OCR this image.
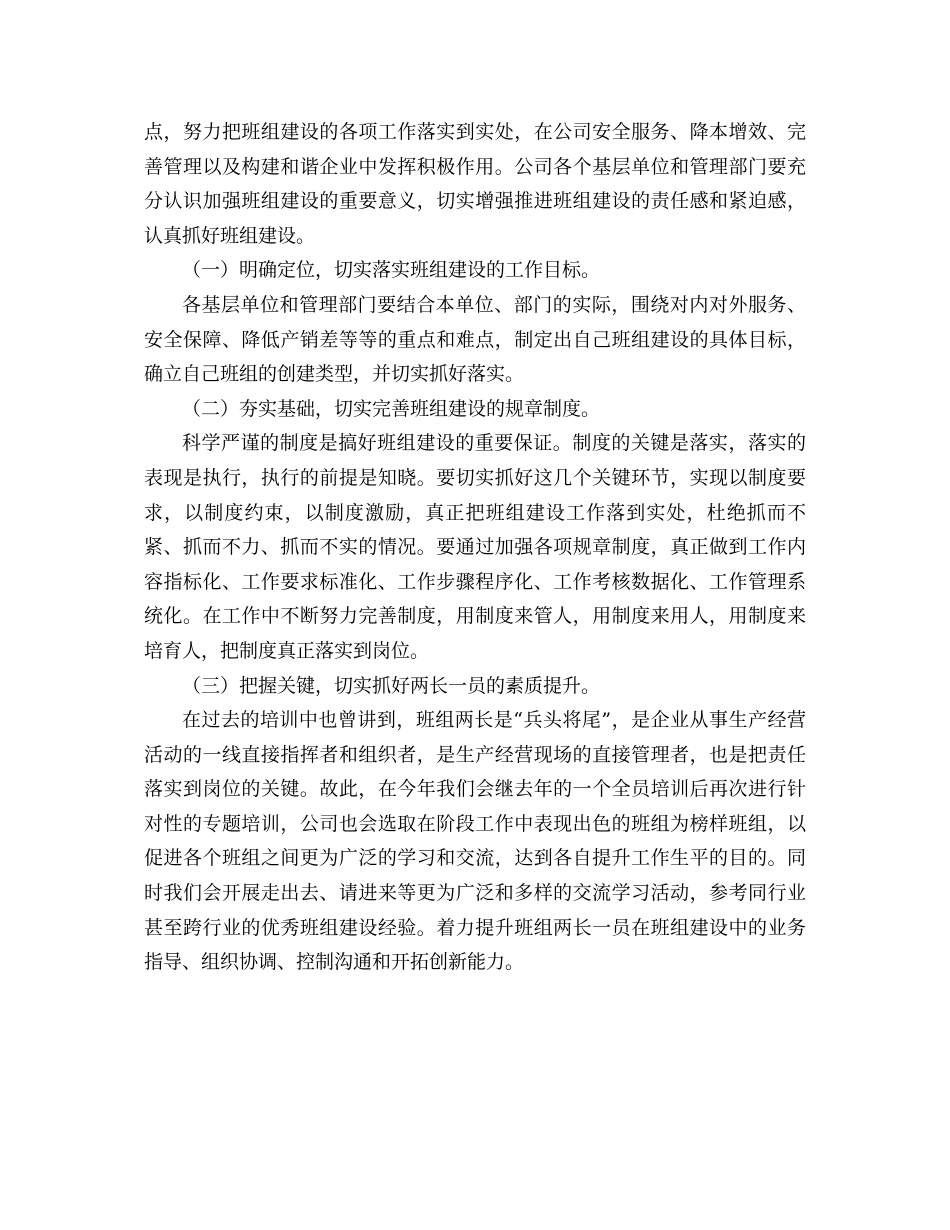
点，努力把班组建设的各项工作落实到实处，在公司安全服务、降本增效、完善管理以及构建和谐企业中发挥积极作用。公司各个基层单位和管理部门要充分认识加强班组建设的重要意义，切实增强推进班组建设的责任感和紧迫感，认真抓好班组建设。

（一）明确定位，切实落实班组建设的工作目标。

各基层单位和管理部门要结合本单位、部门的实际，围绕对内对外服务、安全保障、降低产销差等等的重点和难点，制定出自己班组建设的具体目标，确立自己班组的创建类型，并切实抓好落实。

（二）夯实基础，切实完善班组建设的规章制度。

科学严谨的制度是搞好班组建设的重要保证。制度的关键是落实，落实的表现是执行，执行的前提是知晓。要切实抓好这几个关键环节，实现以制度要求，以制度约束，以制度激励，真正把班组建设工作落到实处，杜绝抓而不紧、抓而不力、抓而不实的情况。要通过加强各项规章制度，真正做到工作内容指标化、工作要求标准化、工作步骤程序化、工作考核数据化、工作管理系统化。在工作中不断努力完善制度，用制度来管人，用制度来用人，用制度来培育人，把制度真正落实到岗位。

（三）把握关键，切实抓好两长一员的素质提升。

在过去的培训中也曾讲到，班组两长是“兵头将尾”，是企业从事生产经营活动的一线直接指挥者和组织者，是生产经营现场的直接管理者，也是把责任落实到岗位的关键。故此，在今年我们会继去年的一个全员培训后再次进行针对性的专题培训，公司也会选取在阶段工作中表现出色的班组为榜样班组，以促进各个班组之间更为广泛的学习和交流，达到各自提升工作生平的目的。同时我们会开展走出去、请进来等更为广泛和多样的交流学习活动，参考同行业甚至跨行业的优秀班组建设经验。着力提升班组两长一员在班组建设中的业务指导、组织协调、控制沟通和开拓创新能力。
